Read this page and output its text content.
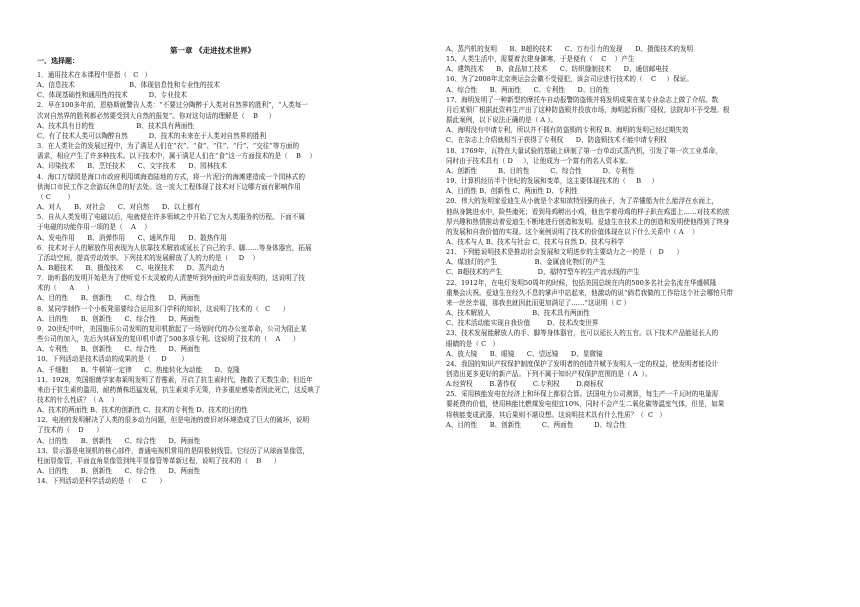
第一章 《走进技术世界》
一、选择题：

1．通用技术在本课程中是指（   C   ）

A、信息技术                          B、体现信息性和专业性的技术

C、体现基础性和通用性的技术          D、专业技术

2．早在100多年前，恩格斯就警告人类：“不要过分陶醉于人类对自然界的胜利”，“人类每一

次对自然界的胜利都必然要受到大自然的报复”。你对这句话的理解是（    B     ）

A、技术具有目的性                    B、技术具有两面性

C、有了技术人类可以陶醉自然          D、技术的未来在于人类对自然界的胜利

3．在人类社会的发展过程中，为了满足人们在“衣”、“食”、“住”、“行”、“交往”等方面的

需求，相应产生了许多种技术。以下技术中，属于满足人们在“食”这一方面技术的是（    B    ）

A、印染技术      B、烹饪技术      C、文字技术      D、园林技术

4．海口万绿园是海口市政府利用填海造陆地的方式，将一片泥泞的海滩建造成一个园林式的

供海口市民工作之余游玩休息的好去处。这一庞大工程体现了技术对下边哪方面有影响作用

（ C        ）

A、对人      B、对社会      C、对自然      D、以上都有

5．自从人类发明了电磁以后，电就便在许多领域之中开始了它为人类服务的历程。下面不属

于电磁的功能作用一项的是（    A    ）

A、发电作用      B、消弹作用      C、通风作用      D、散热作用

6．技术对于人的解放作用表现为人依靠技术解放或延长了自己的手、脚……等身体器官，拓展

了活动空间，提高劳动效率。下列技术的发展解放了人的力的是（     D    ）

A、B超技术      B、摄像技术      C、电视技术      D、蒸汽动力

7．助听器的发明开始是为了使听觉不太灵敏的人清楚听到外面的声音而发明的，这说明了技

术的（      A      ）

A、目的性      B、创新性      C、综合性      D、两面性

8．某同学制作一个小板凳需要综合运用多门学科的知识，这说明了技术的（   C      ）

A、目的性      B、创新性      C、综合性      D、两面性

9．20世纪中叶，美国施乐公司发明的复印机掀起了一场划时代的办公室革命，公司为阻止某

些公司的加入，先后为其研发的复印机申请了500多项专利。这说明了技术的（    A      ）

A、专利性      B、创新性      C、综合性      D、两面性

10、下列活动是技术活动的成果的是（     D       ）

A、千细胞      B、牛顿第一定律      C、热能转化为动能      D、克隆

11、1928，英国细菌学家弗莱明发明了青霉素，开启了抗生素时代，挽救了无数生命；但近年

来由于抗生素的滥用，耐药菌株迅猛发展，抗生素束手无策，许多重症感染者因此死亡，这反映了

技术的什么性质？（ A    ）

A、技术的两面性 B、技术的创新性 C、技术的专利性 D、技术的目的性

12、电池的发明解决了人类的很多动力问题，但是电池的废旧对环境造成了巨大的破坏，说明

了技术的（    D      ）

A、目的性      B、创新性      C、综合性      D、两面性

13、显示器是电视机的核心部件，普通电视机常用的是阴极射线管。它经历了从球面显像管，

柱面显像管，平面直角显像管到纯平显像管等革新过程，说明了技术的（    B      ）

A、目的性      B、创新性      C、综合性      D、两面性

14、下列活动是科学活动的是（     C      ）

A、蒸汽机的发明      B、B超的技术      C、万有引力的发现      D、摄像技术的发明

15、人类生活中，需要着衣建身御寒，于是便有（    C    ）产生

A、建筑技术      B、食品加工技术      C、纺织缝制技术      D、通信邮电技

16、为了2008年北京奥运会会徽不受侵犯，该会司应进行技术的（    C     ）保证。

A、综合性      B、两面性      C、专利性      D、目的性

17、海明发明了一种新型的摩托车自动报警防盗锁并将发明成果在某专业杂志上做了介绍。数

月后某锁厂根据此资料生产出了这种防盗锁并投放市场，海明起诉锁厂侵权，法院却不予受理。根

据此案例，以下说法正确的是（ A ）。

A、海明没有申请专利，所以并不拥有防盗锁的专利权 B、海明的发明已经过期失效

C、在杂志上介绍就相当于获得了专利权      D、防盗锁技术不能申请专利权

18、1769年，瓦特在大量试验的基础上研制了第一台单动式蒸汽机，引发了第一次工业革命，

同时由于技术具有（ D     ），让他成为一个富有的名人资本家。

A、创新性          B、目的性          C、综合性          D、专利性

19、计算机经历半个世纪的发展和变革，这主要体现技术的（     B     ）

A、目的性 B、创新性 C、两面性 D、专利性

20、伟大的发明家爱迪生从小就是个求知欲特别强的孩子，为了弄懂船为什么能浮在水面上，

他纵身跳进水中，险些淹死；看到母鸡孵出小鸡，他也学着母鸡的样子趴在鸡蛋上……对技术的浓

厚兴趣和热情推动着爱迪生不断地进行创造和发明。爱迪生在技术上的创造和发明使他得到了终身

的发展和自我价值的实现。这个案例说明了技术的价值体现在以下什么关系中（ A    ）

A、技术与人 B、技术与社会 C、技术与自然 D、技术与科学

21、下列能说明技术是推动社会发展和文明进步的主要动力之一的是（   D      ）

A、煤油灯的产生                  B、金属卤化物灯的产生

C、B超技术的产生                 D、福特T型车的生产流水线的产生

22、1912年，在电灯发明50周年的时候，包括美国总统在内的500多名社会名流在华盛顿隆

重集会庆祝。爱迪生在经久不息的掌声中站起来，他激动的说“倘若我做的工作给这个社会哪怕只带

来一丝丝幸福，那我也就因此而更加满足了……”这说明（ C ）

A、技术解放人                    B、技术具有两面性

C、技术活动能实现自我价值        D、技术改变世界

23、技术发展能解放人的手、脚等身体器官，也可以延长人的五官。以下技术产品能延长人的

眼睛的是（ C   ）

A、放大镜      B、眼镜      C、望远镜      D、显微镜

24、我国的知识产权保护制度保护了发明者的创造并赋予发明人一定的权益，使发明者能设计

创造出更多更好的新产品。下列不属于知识产权保护范围的是（ A  ）。

A.经营权        B.著作权        C.专利权        D.商标权

25、采用核能发电在经济上和环保上都很合算。法国电力公司测算，每生产一千瓦时的电量需

要耗费的价值，使用核能比燃煤发电便宜10%，同时不会产生二氧化碳等温室气体，但是，如果

将核能变成武器，其后果则不堪设想。这说明技术具有什么性质？（  C   ）

A、目的性      B、创新性          C、两面性          D、综合性
